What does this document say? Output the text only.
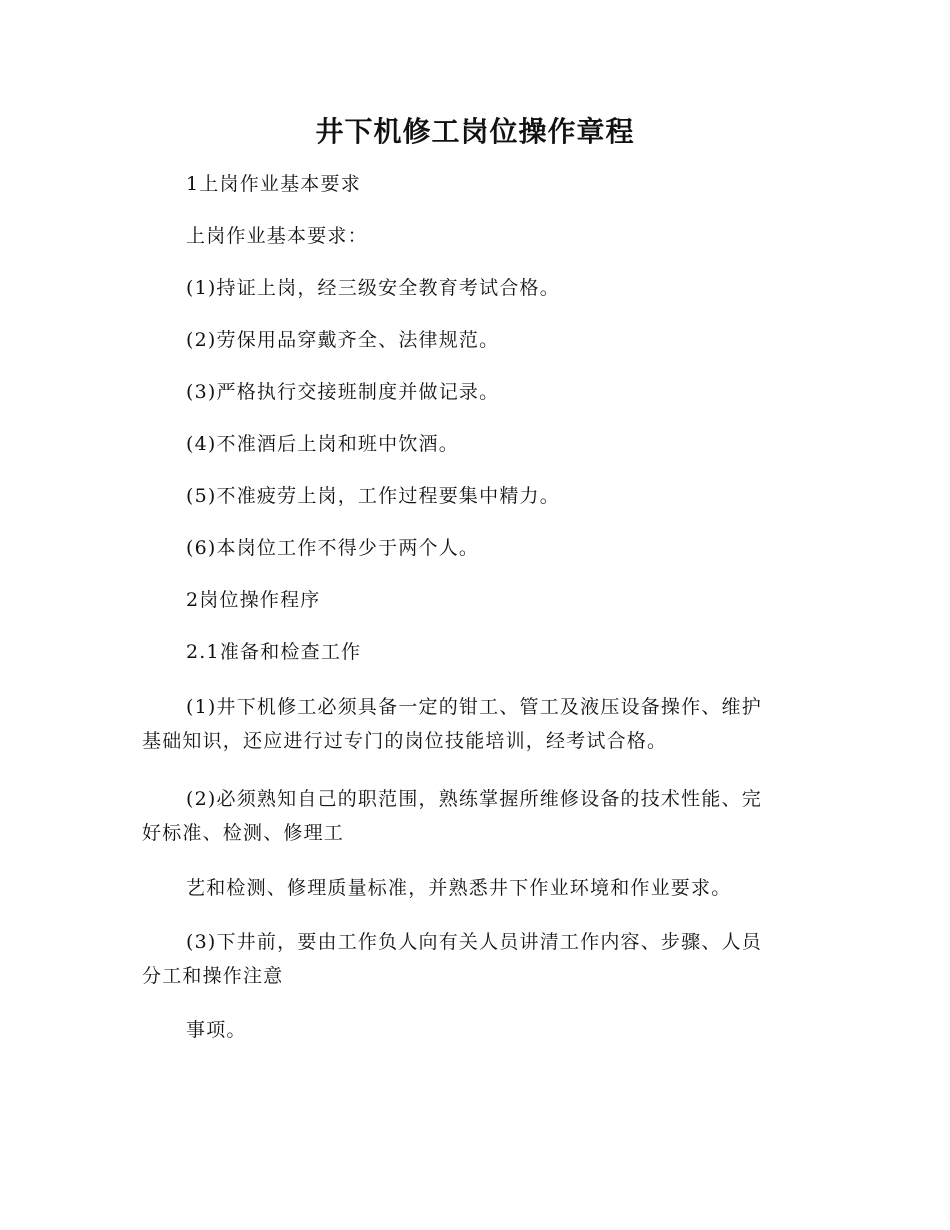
井下机修工岗位操作章程

1上岗作业基本要求

上岗作业基本要求：

(1)持证上岗，经三级安全教育考试合格。

(2)劳保用品穿戴齐全、法律规范。

(3)严格执行交接班制度并做记录。

(4)不准酒后上岗和班中饮酒。

(5)不准疲劳上岗，工作过程要集中精力。

(6)本岗位工作不得少于两个人。

2岗位操作程序

2.1准备和检查工作

(1)井下机修工必须具备一定的钳工、管工及液压设备操作、维护
基础知识，还应进行过专门的岗位技能培训，经考试合格。

(2)必须熟知自己的职范围，熟练掌握所维修设备的技术性能、完
好标准、检测、修理工

艺和检测、修理质量标准，并熟悉井下作业环境和作业要求。

(3)下井前，要由工作负人向有关人员讲清工作内容、步骤、人员
分工和操作注意

事项。
